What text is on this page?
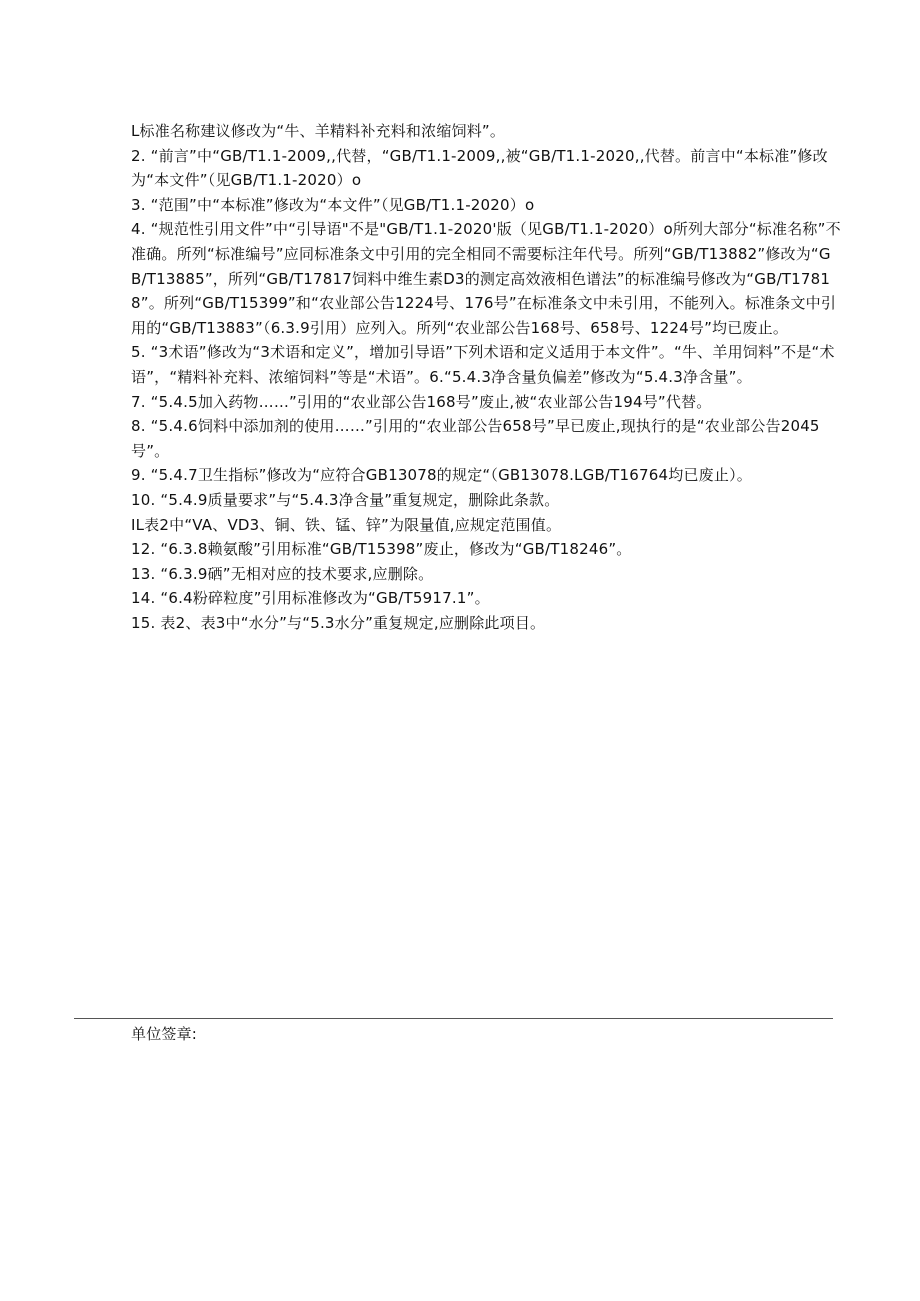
L标准名称建议修改为“牛、羊精料补充料和浓缩饲料”。

2. “前言”中“GB/T1.1-2009,,代替，“GB/T1.1-2009,,被“GB/T1.1-2020,,代替。前言中“本标准”修改为“本文件”（见GB/T1.1-2020）o

3. “范围”中“本标准”修改为“本文件”（见GB/T1.1-2020）o

4. “规范性引用文件”中“引导语"不是"GB/T1.1-2020'版（见GB/T1.1-2020）o所列大部分“标准名称”不准确。所列“标准编号”应同标准条文中引用的完全相同不需要标注年代号。所列“GB/T13882”修改为“GB/T13885”，所列“GB/T17817饲料中维生素D3的测定高效液相色谱法”的标准编号修改为“GB/T17818”。所列“GB/T15399”和“农业部公告1224号、176号”在标准条文中未引用，不能列入。标准条文中引用的“GB/T13883”（6.3.9引用）应列入。所列“农业部公告168号、658号、1224号”均已废止。

5. “3术语”修改为“3术语和定义”，增加引导语”下列术语和定义适用于本文件”。“牛、羊用饲料”不是“术语”，“精料补充料、浓缩饲料”等是“术语”。6.“5.4.3净含量负偏差”修改为“5.4.3净含量”。

7. “5.4.5加入药物……”引用的“农业部公告168号”废止,被“农业部公告194号”代替。

8. “5.4.6饲料中添加剂的使用……”引用的“农业部公告658号”早已废止,现执行的是“农业部公告2045号”。

9. “5.4.7卫生指标”修改为“应符合GB13078的规定“（GB13078.LGB/T16764均已废止）。

10. “5.4.9质量要求”与“5.4.3净含量”重复规定，删除此条款。

IL表2中“VA、VD3、铜、铁、锰、锌”为限量值,应规定范围值。

12. “6.3.8赖氨酸”引用标准“GB/T15398”废止，修改为“GB/T18246”。

13. “6.3.9硒”无相对应的技术要求,应删除。

14. “6.4粉碎粒度”引用标准修改为“GB/T5917.1”。

15. 表2、表3中“水分”与“5.3水分”重复规定,应删除此项目。

单位签章:
